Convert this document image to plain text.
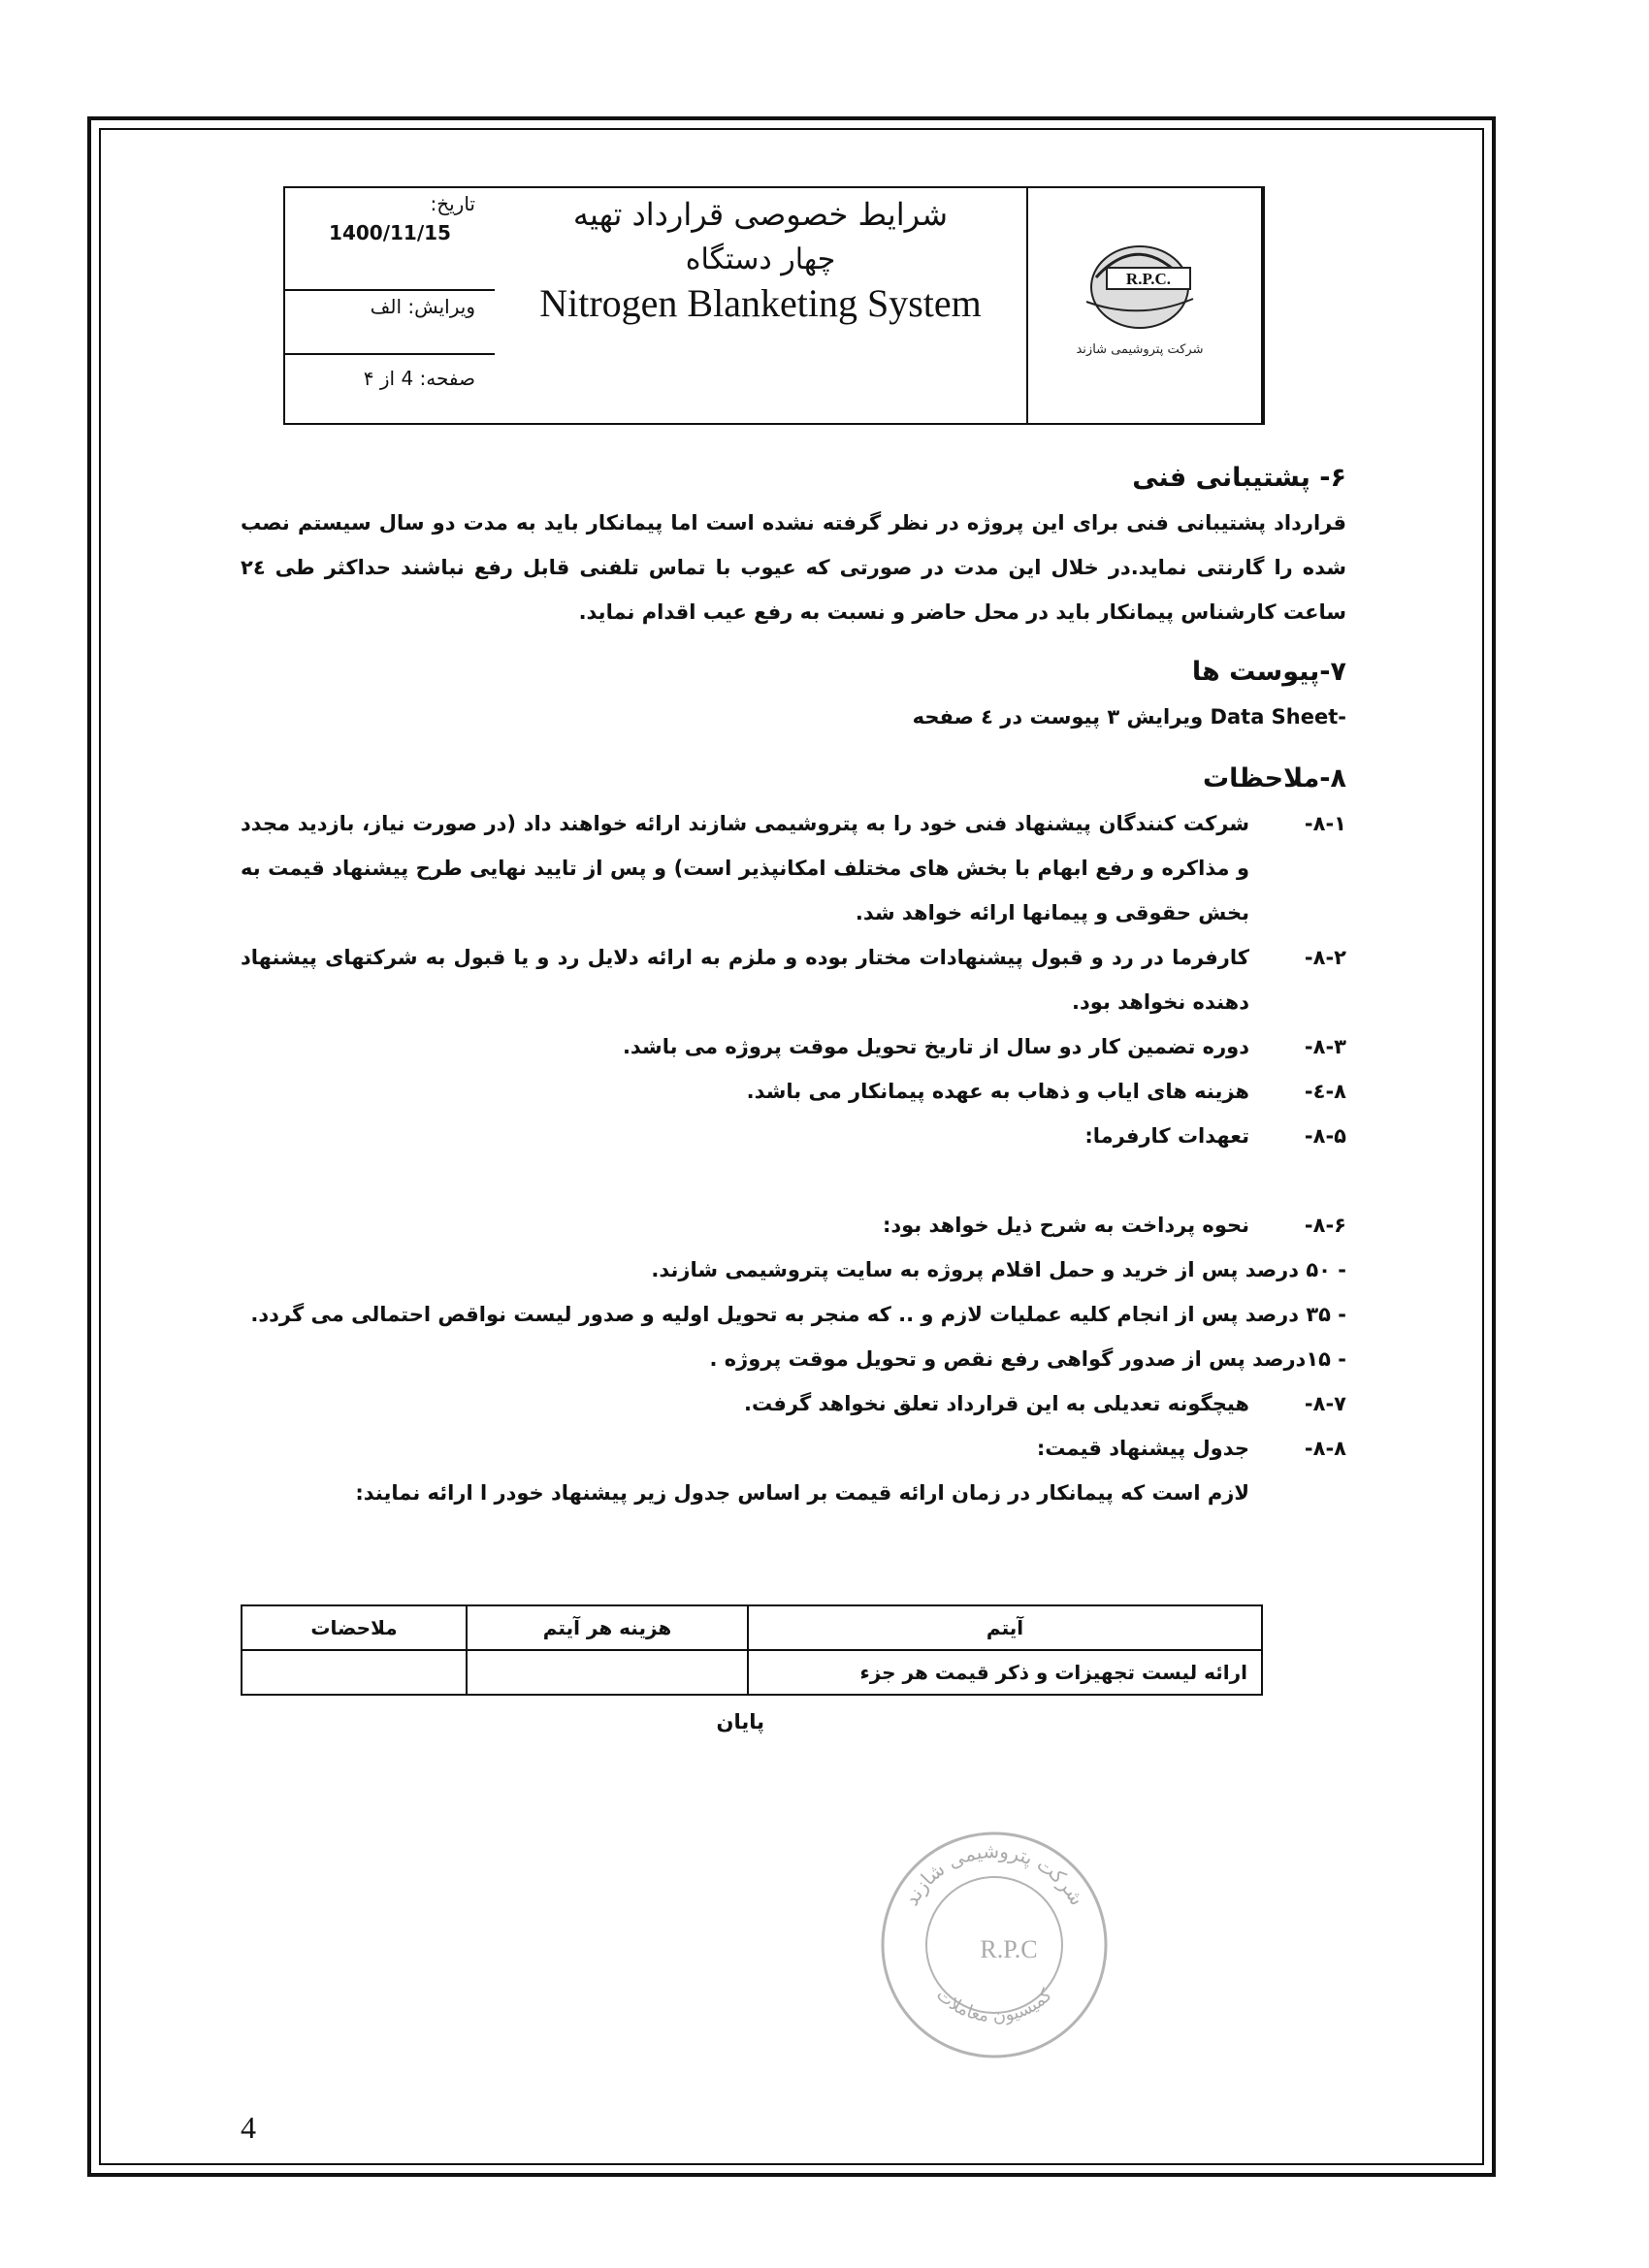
تاریخ:
1400/11/15
ویرایش: الف
صفحه: 4 از ۴
شرایط خصوصی قرارداد تهیه
چهار دستگاه
Nitrogen Blanketing System
R.P.C.
شرکت پتروشیمی شازند
۶- پشتیبانی فنی
قرارداد پشتیبانی فنی برای این پروژه در نظر گرفته نشده است اما پیمانکار باید به مدت دو سال سیستم نصب شده را گارنتی نماید.در خلال این مدت در صورتی که عیوب با تماس تلفنی قابل رفع نباشند حداکثر طی ۲٤ ساعت کارشناس پیمانکار باید در محل حاضر و نسبت به رفع عیب اقدام نماید.
۷-پیوست ها
-Data Sheet ویرایش ۳ پیوست در ٤ صفحه
۸-ملاحظات
۸-۱-
شرکت کنندگان پیشنهاد فنی خود را به پتروشیمی شازند ارائه خواهند داد (در صورت نیاز، بازدید مجدد و مذاکره و رفع ابهام با بخش های مختلف امکانپذیر است) و پس از تایید نهایی طرح پیشنهاد قیمت به بخش حقوقی و پیمانها ارائه خواهد شد.
۸-۲-
کارفرما در رد و قبول پیشنهادات مختار بوده و ملزم به ارائه دلایل رد و یا قبول به شرکتهای پیشنهاد دهنده نخواهد بود.
۸-۳-
دوره تضمین کار دو سال از تاریخ تحویل موقت پروژه می باشد.
۸-٤-
هزینه های ایاب و ذهاب به عهده پیمانکار می باشد.
۸-۵-
تعهدات کارفرما:
۸-۶-
نحوه پرداخت به شرح ذیل خواهد بود:
- ۵۰ درصد پس از خرید و حمل اقلام پروژه به سایت پتروشیمی شازند.
- ۳۵ درصد پس از انجام کلیه عملیات لازم و .. که منجر به تحویل اولیه و صدور لیست نواقص احتمالی می گردد.
- ۱۵درصد پس از صدور گواهی رفع نقص و تحویل موقت پروژه .
۸-۷-
هیچگونه تعدیلی به این قرارداد تعلق نخواهد گرفت.
۸-۸-
جدول پیشنهاد قیمت:
لازم است که پیمانکار در زمان ارائه قیمت بر اساس جدول زیر پیشنهاد خودر ا ارائه نمایند:
آیتم	هزینه هر آیتم	ملاحضات
ارائه لیست تجهیزات و ذکر قیمت هر جزء		
پایان
شرکت پتروشیمی شازند
کمیسیون معاملات
R.P.C
4
